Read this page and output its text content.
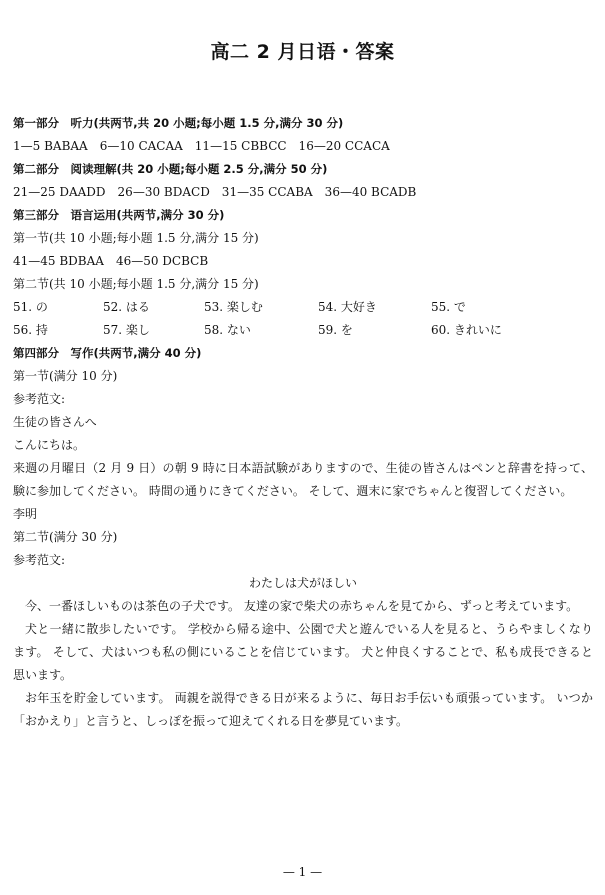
高二 2 月日语・答案
第一部分　听力(共两节,共 20 小题;每小题 1.5 分,满分 30 分)
1—5 BABAA　6—10 CACAA　11—15 CBBCC　16—20 CCACA
第二部分　阅读理解(共 20 小题;每小题 2.5 分,满分 50 分)
21—25 DAADD　26—30 BDACD　31—35 CCABA　36—40 BCADB
第三部分　语言运用(共两节,满分 30 分)
第一节(共 10 小题;每小题 1.5 分,满分 15 分)
41—45 BDBAA　46—50 DCBCB
第二节(共 10 小题;每小题 1.5 分,满分 15 分)
51. の	52. はる	53. 楽しむ	54. 大好き	55. で
56. 持	57. 楽し	58. ない	59. を	60. きれいに
第四部分　写作(共两节,满分 40 分)
第一节(满分 10 分)
参考范文:
生徒の皆さんへ
こんにちは。
来週の月曜日（2 月 9 日）の朝 9 時に日本語試験がありますので、生徒の皆さんはペンと辞書を持って、
験に参加してください。 時間の通りにきてください。 そして、週末に家でちゃんと復習してください。
李明
第二节(满分 30 分)
参考范文:
わたしは犬がほしい
今、一番ほしいものは茶色の子犬です。 友達の家で柴犬の赤ちゃんを見てから、ずっと考えています。
犬と一緒に散歩したいです。 学校から帰る途中、公園で犬と遊んでいる人を見ると、うらやましくなり
ます。 そして、犬はいつも私の側にいることを信じています。 犬と仲良くすることで、私も成長できると
思います。
お年玉を貯金しています。 両親を説得できる日が来るように、毎日お手伝いも頑張っています。 いつか
「おかえり」と言うと、しっぽを振って迎えてくれる日を夢見ています。
— 1 —
